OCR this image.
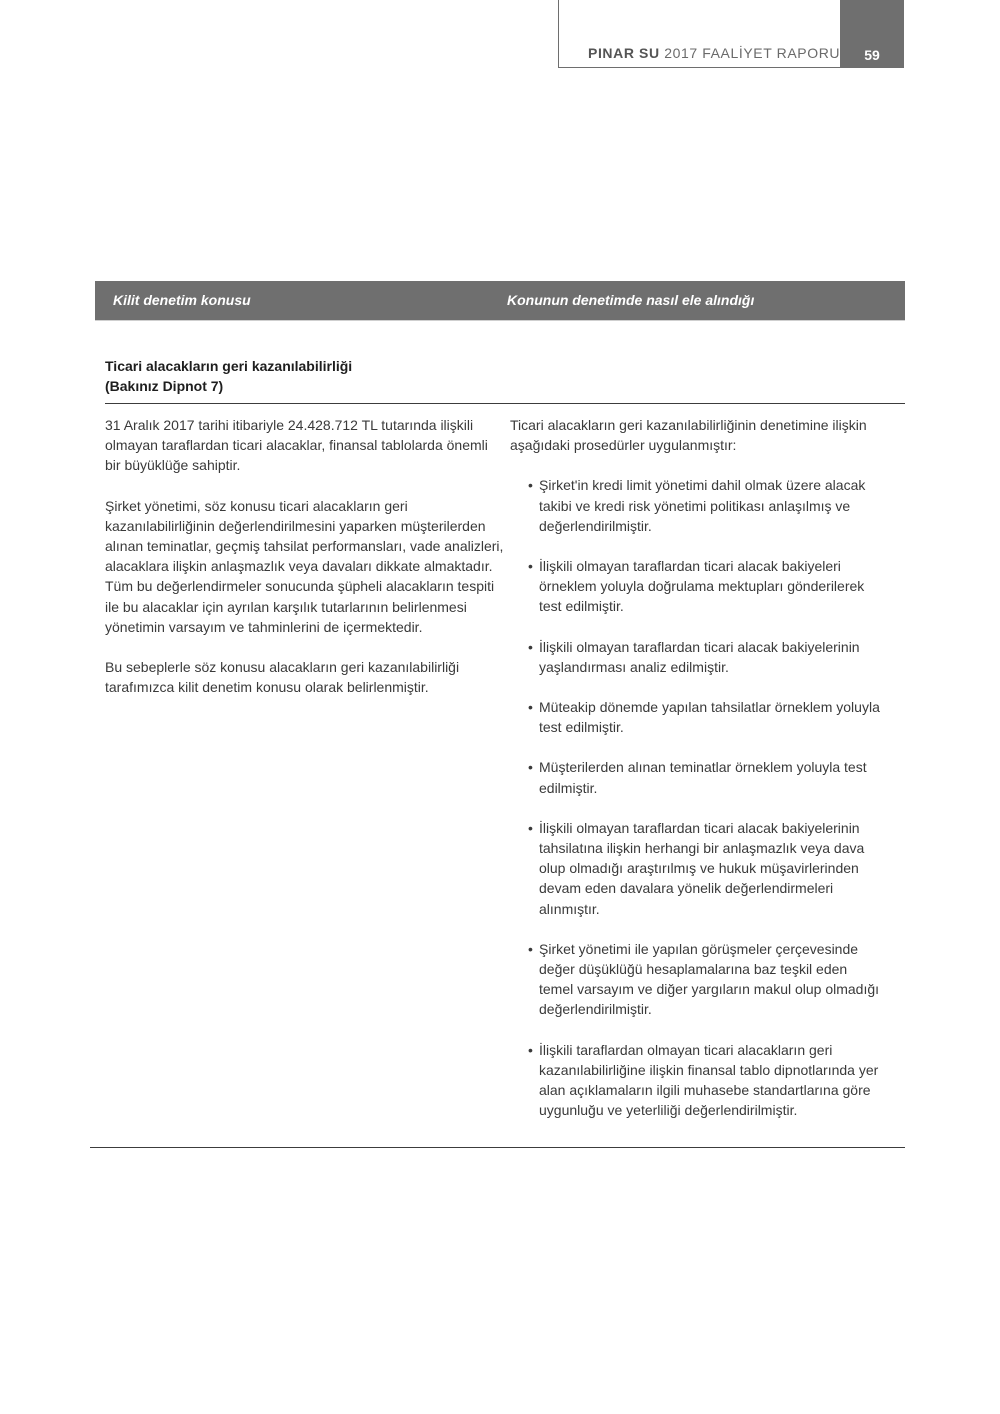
PINAR SU 2017 FAALİYET RAPORU	59
Kilit denetim konusu	Konunun denetimde nasıl ele alındığı
Ticari alacakların geri kazanılabilirliği
(Bakınız Dipnot 7)

31 Aralık 2017 tarihi itibariyle 24.428.712 TL tutarında ilişkili olmayan taraflardan ticari alacaklar, finansal tablolarda önemli bir büyüklüğe sahiptir.

Şirket yönetimi, söz konusu ticari alacakların geri kazanılabilirliğinin değerlendirilmesini yaparken müşterilerden alınan teminatlar, geçmiş tahsilat performansları, vade analizleri, alacaklara ilişkin anlaşmazlık veya davaları dikkate almaktadır. Tüm bu değerlendirmeler sonucunda şüpheli alacakların tespiti ile bu alacaklar için ayrılan karşılık tutarlarının belirlenmesi yönetimin varsayım ve tahminlerini de içermektedir.

Bu sebeplerle söz konusu alacakların geri kazanılabilirliği tarafımızca kilit denetim konusu olarak belirlenmiştir.

Ticari alacakların geri kazanılabilirliğinin denetimine ilişkin aşağıdaki prosedürler uygulanmıştır:

• Şirket'in kredi limit yönetimi dahil olmak üzere alacak takibi ve kredi risk yönetimi politikası anlaşılmış ve değerlendirilmiştir.
• İlişkili olmayan taraflardan ticari alacak bakiyeleri örneklem yoluyla doğrulama mektupları gönderilerek test edilmiştir.
• İlişkili olmayan taraflardan ticari alacak bakiyelerinin yaşlandırması analiz edilmiştir.
• Müteakip dönemde yapılan tahsilatlar örneklem yoluyla test edilmiştir.
• Müşterilerden alınan teminatlar örneklem yoluyla test edilmiştir.
• İlişkili olmayan taraflardan ticari alacak bakiyelerinin tahsilatına ilişkin herhangi bir anlaşmazlık veya dava olup olmadığı araştırılmış ve hukuk müşavirlerinden devam eden davalara yönelik değerlendirmeleri alınmıştır.
• Şirket yönetimi ile yapılan görüşmeler çerçevesinde değer düşüklüğü hesaplamalarına baz teşkil eden temel varsayım ve diğer yargıların makul olup olmadığı değerlendirilmiştir.
• İlişkili taraflardan olmayan ticari alacakların geri kazanılabilirliğine ilişkin finansal tablo dipnotlarında yer alan açıklamaların ilgili muhasebe standartlarına göre uygunluğu ve yeterliliği değerlendirilmiştir.
